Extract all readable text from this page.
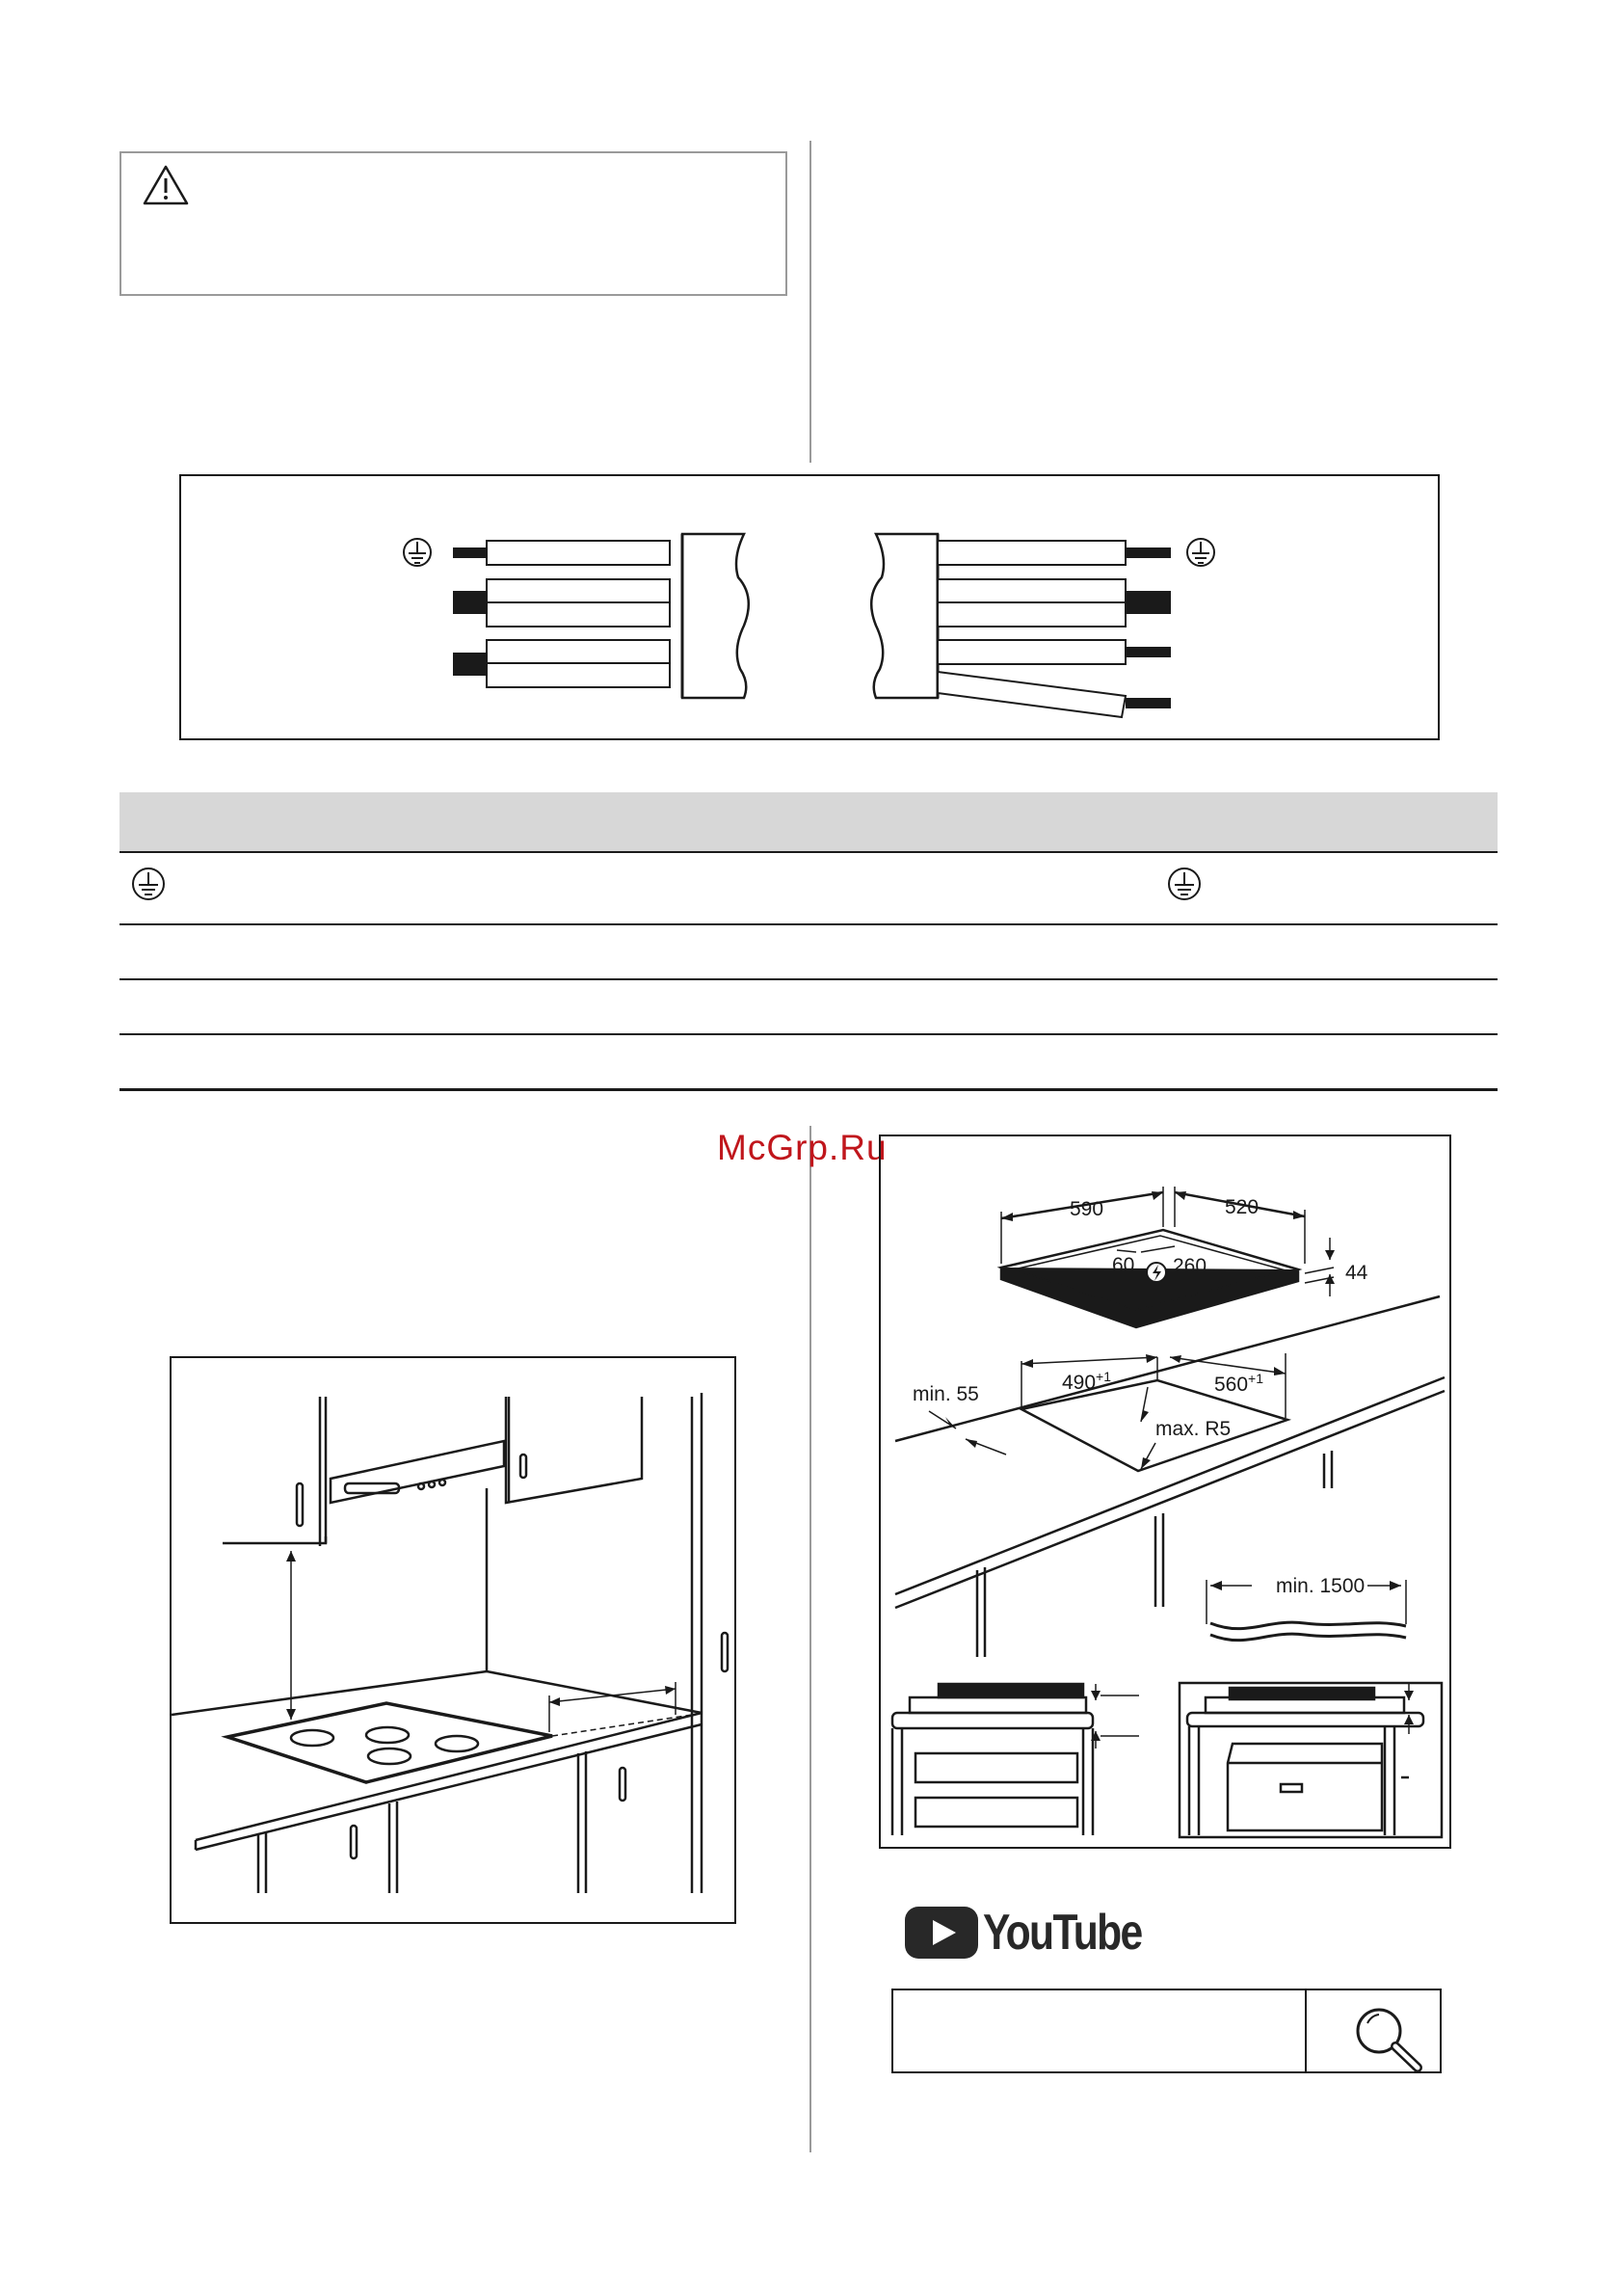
McGrp.Ru
590	520
60 260	44
min. 55
$490^{+1}$	$560^{+1}$
max. R5
min. 1500
YouTube
